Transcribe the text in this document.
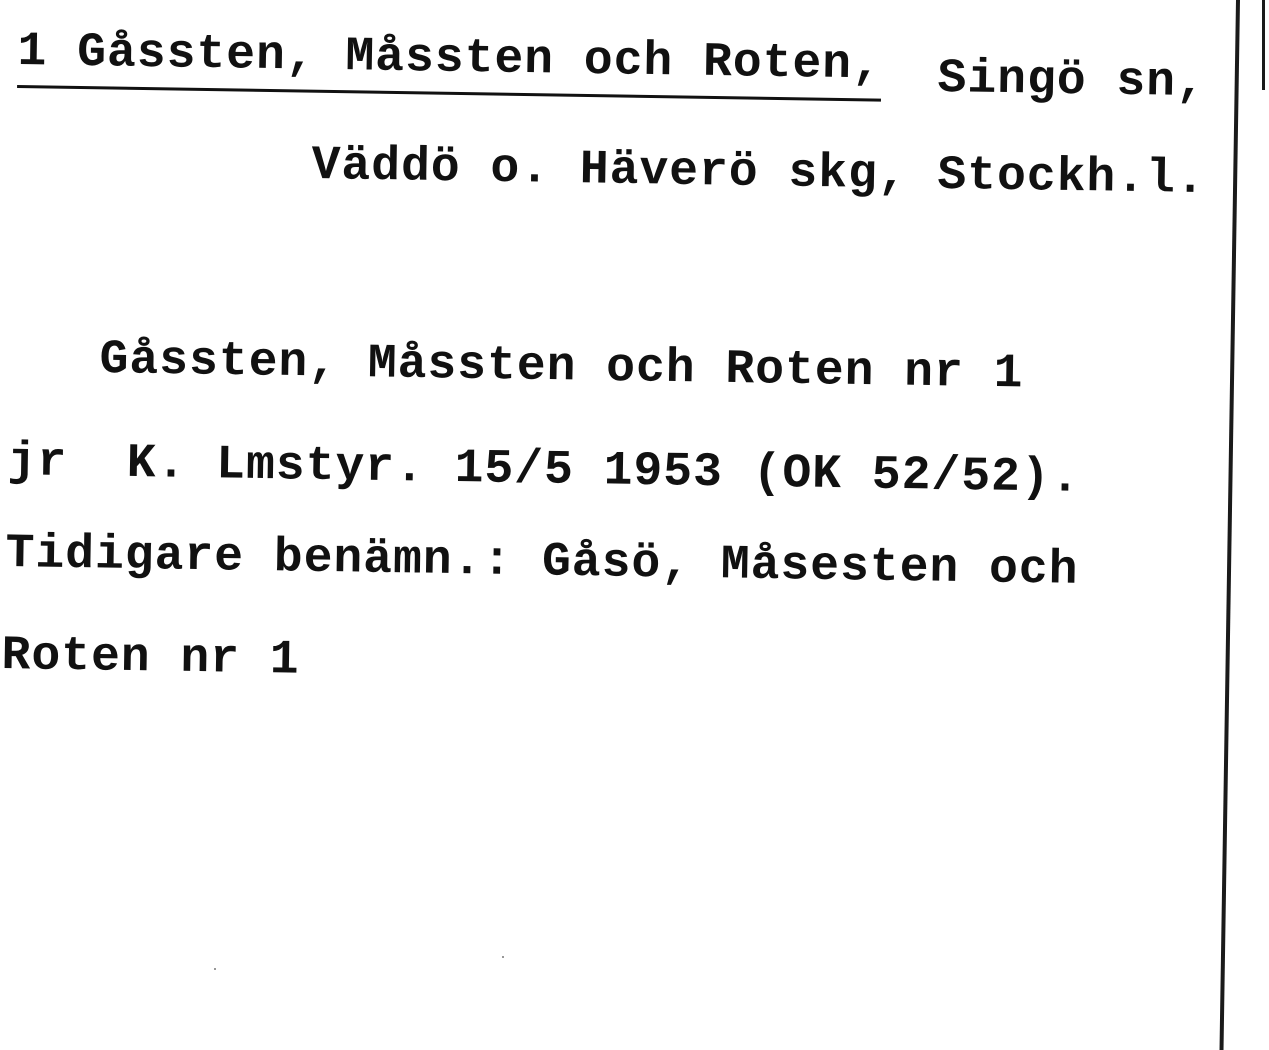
1 Gåssten, Måssten och Roten, Singö sn,
Väddö o. Häverö skg, Stockh.l.
Gåssten, Måssten och Roten nr 1
jr  K. Lmstyr. 15/5 1953 (OK 52/52).
Tidigare benämn.: Gåsö, Måsesten och
Roten nr 1
